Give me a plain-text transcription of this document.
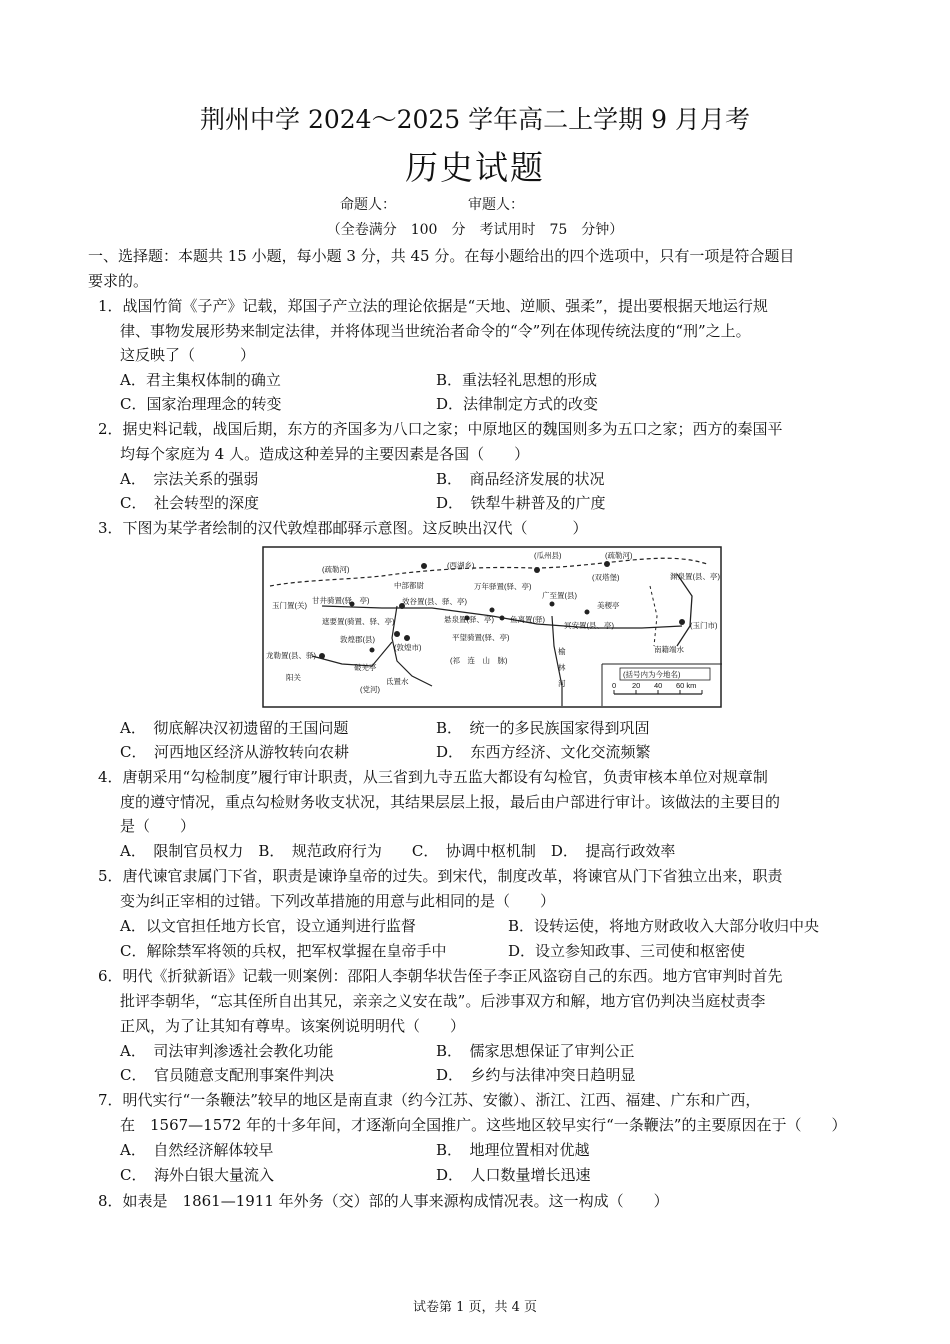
荆州中学 2024～2025 学年高二上学期 9 月月考
历史试题
命题人：	审题人：
（全卷满分　100　分　考试用时　75　分钟）
一、选择题：本题共 15 小题，每小题 3 分，共 45 分。在每小题给出的四个选项中，只有一项是符合题目
要求的。
1．战国竹简《子产》记载，郑国子产立法的理论依据是“天地、逆顺、强柔”，提出要根据天地运行规
律、事物发展形势来制定法律，并将体现当世统治者命令的“令”列在体现传统法度的“刑”之上。
这反映了（　　　）
A．君主集权体制的确立	B．重法轻礼思想的形成
C．国家治理理念的转变	D．法律制定方式的改变
2．据史料记载，战国后期，东方的齐国多为八口之家；中原地区的魏国则多为五口之家；西方的秦国平
均每个家庭为 4 人。造成这种差异的主要因素是各国（　　）
A．　宗法关系的强弱	B．　商品经济发展的状况
C．　社会转型的深度	D．　铁犁牛耕普及的广度
3．下图为某学者绘制的汉代敦煌郡邮驿示意图。这反映出汉代（　　　）
(疏勒河)	(西湖乡)
(瓜州县)	(疏勒河)
中部都尉	万年驿置(驿、亭)
(双塔堡)	渊泉置(县、亭)
玉门置(关)
甘井骑置(驿、亭)	效谷置(县、驿、亭)
广至置(县)
美稷亭
遮要置(骑置、驿、亭)	悬泉置(驿、亭) 鱼离置(驿)
冥安置(县、亭)
敦煌郡(县)
(敦煌市)
平望骑置(驿、亭)
(玉门市)
龙勒置(县、驿)
破羌亭
(祁　连　山　脉)
阳关
(党河)
氐置水
榆
林
河
南籍端水
(括号内为今地名)
0 20 40 60 km
A．　彻底解决汉初遗留的王国问题	B．　统一的多民族国家得到巩固
C．　河西地区经济从游牧转向农耕	D．　东西方经济、文化交流频繁
4．唐朝采用“勾检制度”履行审计职责，从三省到九寺五监大都设有勾检官，负责审核本单位对规章制
度的遵守情况，重点勾检财务收支状况，其结果层层上报，最后由户部进行审计。该做法的主要目的
是（　　）
A．　限制官员权力　B．　规范政府行为　　C．　协调中枢机制　D．　提高行政效率
5．唐代谏官隶属门下省，职责是谏诤皇帝的过失。到宋代，制度改革，将谏官从门下省独立出来，职责
变为纠正宰相的过错。下列改革措施的用意与此相同的是（　　）
A．以文官担任地方长官，设立通判进行监督	B．设转运使，将地方财政收入大部分收归中央
C．解除禁军将领的兵权，把军权掌握在皇帝手中	D．设立参知政事、三司使和枢密使
6．明代《折狱新语》记载一则案例：邵阳人李朝华状告侄子李正风盗窃自己的东西。地方官审判时首先
批评李朝华，“忘其侄所自出其兄，亲亲之义安在哉”。后涉事双方和解，地方官仍判决当庭杖责李
正风，为了让其知有尊卑。该案例说明明代（　　）
A．　司法审判渗透社会教化功能	B．　儒家思想保证了审判公正
C．　官员随意支配刑事案件判决	D．　乡约与法律冲突日趋明显
7．明代实行“一条鞭法”较早的地区是南直隶（约今江苏、安徽）、浙江、江西、福建、广东和广西，
在　1567—1572 年的十多年间，才逐渐向全国推广。这些地区较早实行“一条鞭法”的主要原因在于（　　）
A．　自然经济解体较早	B．　地理位置相对优越
C．　海外白银大量流入	D．　人口数量增长迅速
8．如表是　1861—1911 年外务（交）部的人事来源构成情况表。这一构成（　　）
试卷第 1 页，共 4 页
